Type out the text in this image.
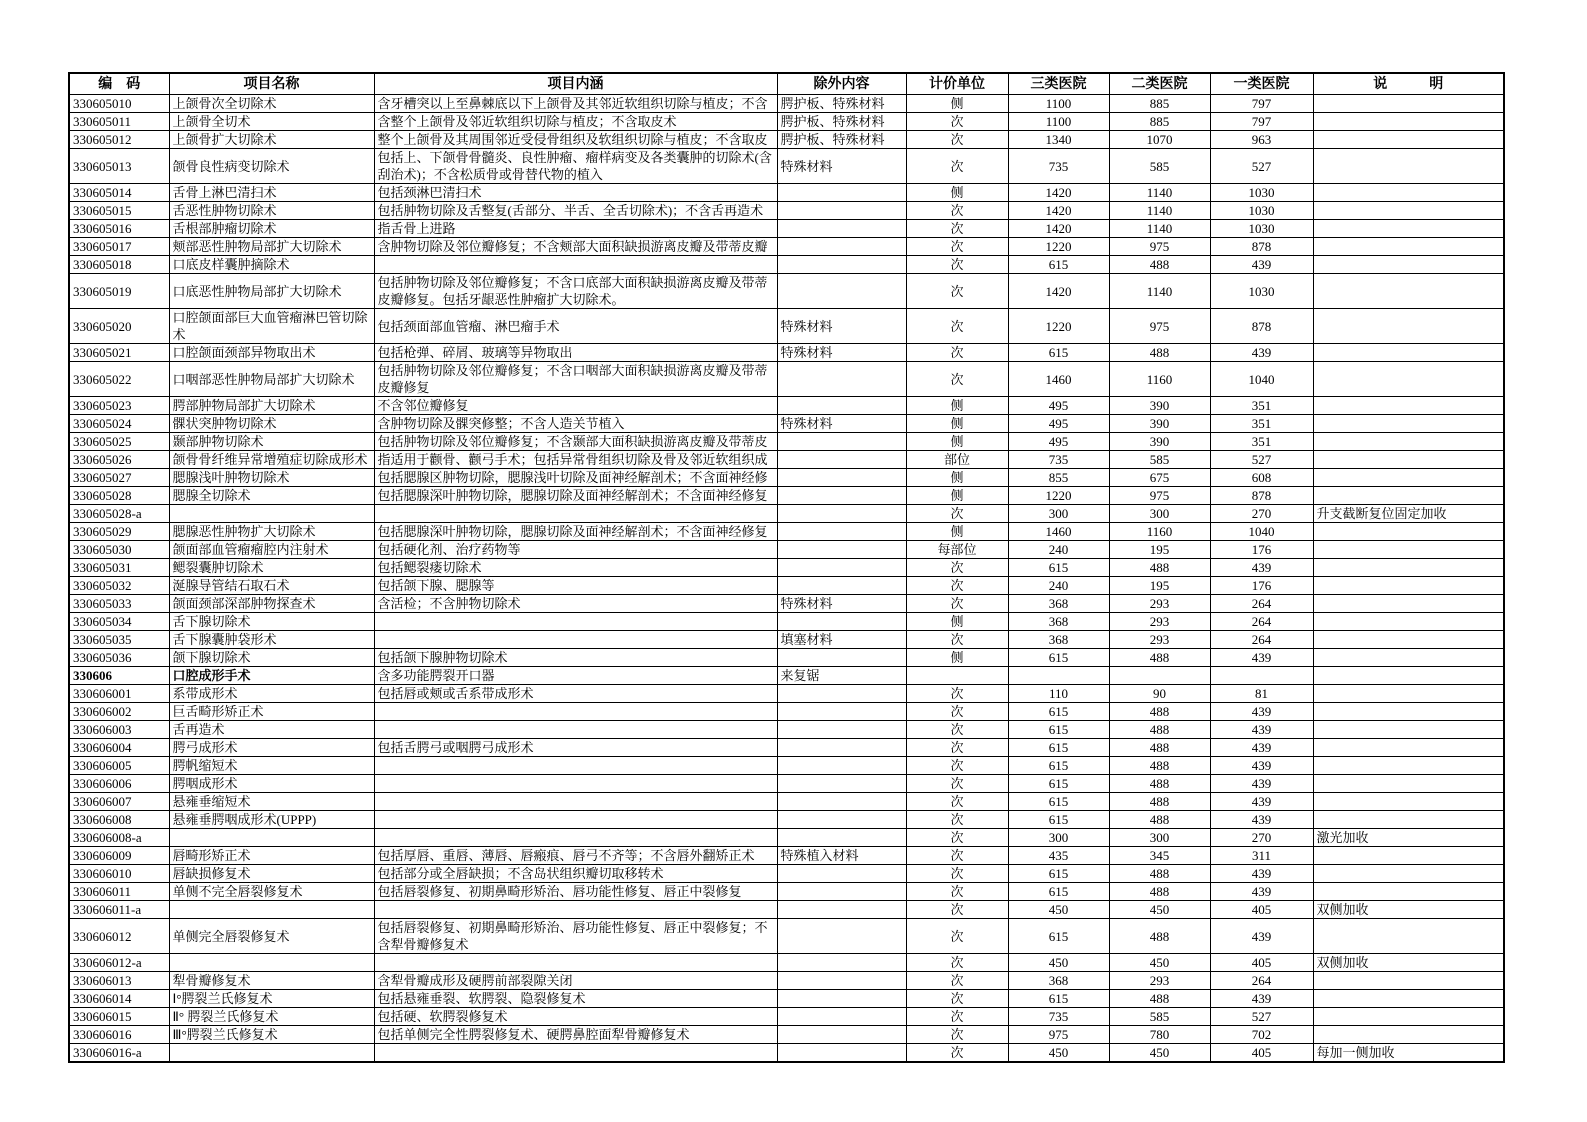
编　码	项目名称	项目内涵	除外内容	计价单位	三类医院	二类医院	一类医院	说　　　明
330605010	上颌骨次全切除术	含牙槽突以上至鼻棘底以下上颌骨及其邻近软组织切除与植皮；不含	腭护板、特殊材料	侧	1100	885	797	
330605011	上颌骨全切术	含整个上颌骨及邻近软组织切除与植皮；不含取皮术	腭护板、特殊材料	次	1100	885	797	
330605012	上颌骨扩大切除术	整个上颌骨及其周围邻近受侵骨组织及软组织切除与植皮；不含取皮	腭护板、特殊材料	次	1340	1070	963	
330605013	颌骨良性病变切除术	包括上、下颌骨骨髓炎、良性肿瘤、瘤样病变及各类囊肿的切除术(含刮治术)；不含松质骨或骨替代物的植入	特殊材料	次	735	585	527	
330605014	舌骨上淋巴清扫术	包括颈淋巴清扫术		侧	1420	1140	1030	
330605015	舌恶性肿物切除术	包括肿物切除及舌整复(舌部分、半舌、全舌切除术)；不含舌再造术		次	1420	1140	1030	
330605016	舌根部肿瘤切除术	指舌骨上进路		次	1420	1140	1030	
330605017	颊部恶性肿物局部扩大切除术	含肿物切除及邻位瓣修复；不含颊部大面积缺损游离皮瓣及带蒂皮瓣		次	1220	975	878	
330605018	口底皮样囊肿摘除术			次	615	488	439	
330605019	口底恶性肿物局部扩大切除术	包括肿物切除及邻位瓣修复；不含口底部大面积缺损游离皮瓣及带蒂皮瓣修复。包括牙龈恶性肿瘤扩大切除术。		次	1420	1140	1030	
330605020	口腔颌面部巨大血管瘤淋巴管切除术	包括颈面部血管瘤、淋巴瘤手术	特殊材料	次	1220	975	878	
330605021	口腔颌面颈部异物取出术	包括枪弹、碎屑、玻璃等异物取出	特殊材料	次	615	488	439	
330605022	口咽部恶性肿物局部扩大切除术	包括肿物切除及邻位瓣修复；不含口咽部大面积缺损游离皮瓣及带蒂皮瓣修复		次	1460	1160	1040	
330605023	腭部肿物局部扩大切除术	不含邻位瓣修复		侧	495	390	351	
330605024	髁状突肿物切除术	含肿物切除及髁突修整；不含人造关节植入	特殊材料	侧	495	390	351	
330605025	颞部肿物切除术	包括肿物切除及邻位瓣修复；不含颞部大面积缺损游离皮瓣及带蒂皮		侧	495	390	351	
330605026	颌骨骨纤维异常增殖症切除成形术	指适用于颧骨、颧弓手术；包括异常骨组织切除及骨及邻近软组织成		部位	735	585	527	
330605027	腮腺浅叶肿物切除术	包括腮腺区肿物切除，腮腺浅叶切除及面神经解剖术；不含面神经修		侧	855	675	608	
330605028	腮腺全切除术	包括腮腺深叶肿物切除，腮腺切除及面神经解剖术；不含面神经修复		侧	1220	975	878	
330605028-a				次	300	300	270	升支截断复位固定加收
330605029	腮腺恶性肿物扩大切除术	包括腮腺深叶肿物切除，腮腺切除及面神经解剖术；不含面神经修复		侧	1460	1160	1040	
330605030	颌面部血管瘤瘤腔内注射术	包括硬化剂、治疗药物等		每部位	240	195	176	
330605031	鳃裂囊肿切除术	包括鳃裂瘘切除术		次	615	488	439	
330605032	涎腺导管结石取石术	包括颌下腺、腮腺等		次	240	195	176	
330605033	颌面颈部深部肿物探查术	含活检；不含肿物切除术	特殊材料	次	368	293	264	
330605034	舌下腺切除术			侧	368	293	264	
330605035	舌下腺囊肿袋形术		填塞材料	次	368	293	264	
330605036	颌下腺切除术	包括颌下腺肿物切除术		侧	615	488	439	
330606	口腔成形手术	含多功能腭裂开口器	来复锯					
330606001	系带成形术	包括唇或颊或舌系带成形术		次	110	90	81	
330606002	巨舌畸形矫正术			次	615	488	439	
330606003	舌再造术			次	615	488	439	
330606004	腭弓成形术	包括舌腭弓或咽腭弓成形术		次	615	488	439	
330606005	腭帆缩短术			次	615	488	439	
330606006	腭咽成形术			次	615	488	439	
330606007	悬雍垂缩短术			次	615	488	439	
330606008	悬雍垂腭咽成形术(UPPP)			次	615	488	439	
330606008-a				次	300	300	270	激光加收
330606009	唇畸形矫正术	包括厚唇、重唇、薄唇、唇瘢痕、唇弓不齐等；不含唇外翻矫正术	特殊植入材料	次	435	345	311	
330606010	唇缺损修复术	包括部分或全唇缺损；不含岛状组织瓣切取移转术		次	615	488	439	
330606011	单侧不完全唇裂修复术	包括唇裂修复、初期鼻畸形矫治、唇功能性修复、唇正中裂修复		次	615	488	439	
330606011-a				次	450	450	405	双侧加收
330606012	单侧完全唇裂修复术	包括唇裂修复、初期鼻畸形矫治、唇功能性修复、唇正中裂修复；不含犁骨瓣修复术		次	615	488	439	
330606012-a				次	450	450	405	双侧加收
330606013	犁骨瓣修复术	含犁骨瓣成形及硬腭前部裂隙关闭		次	368	293	264	
330606014	Ⅰ°腭裂兰氏修复术	包括悬雍垂裂、软腭裂、隐裂修复术		次	615	488	439	
330606015	Ⅱ° 腭裂兰氏修复术	包括硬、软腭裂修复术		次	735	585	527	
330606016	Ⅲ°腭裂兰氏修复术	包括单侧完全性腭裂修复术、硬腭鼻腔面犁骨瓣修复术		次	975	780	702	
330606016-a				次	450	450	405	每加一侧加收
